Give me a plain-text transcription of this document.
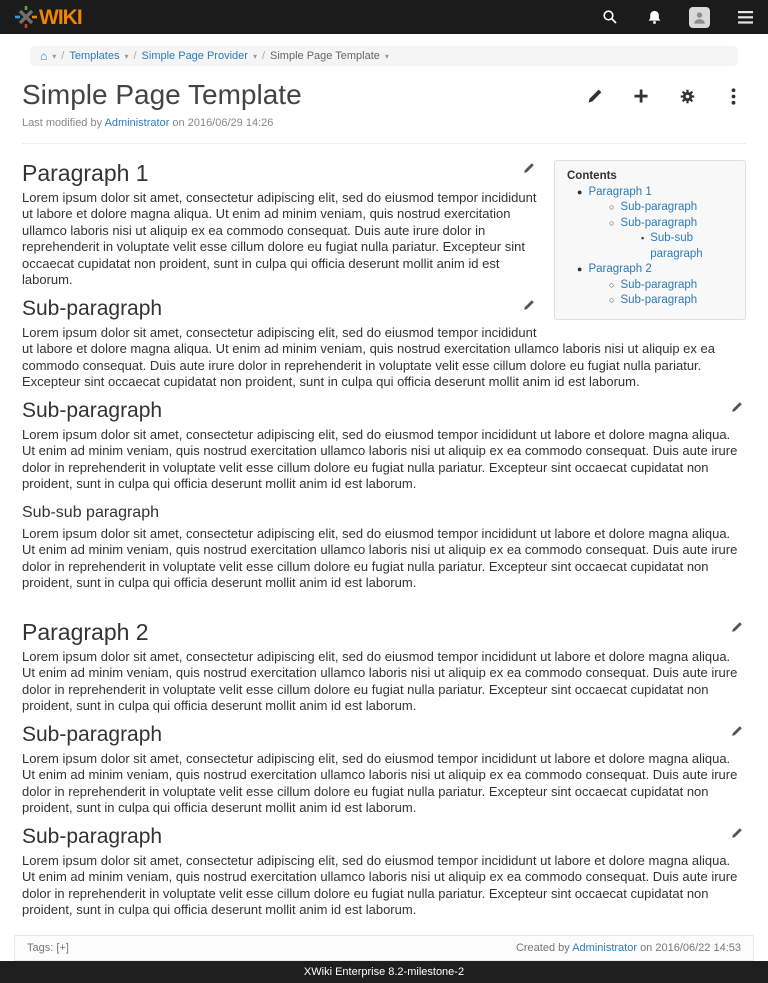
WIKI
⌂ ▾ / Templates ▾ / Simple Page Provider ▾ / Simple Page Template ▾
Simple Page Template
Last modified by Administrator on 2016/06/29 14:26
Contents
● Paragraph 1
○ Sub-paragraph
○ Sub-paragraph
▪ Sub-sub paragraph
● Paragraph 2
○ Sub-paragraph
○ Sub-paragraph
Paragraph 1

Lorem ipsum dolor sit amet, consectetur adipiscing elit, sed do eiusmod tempor incididunt ut labore et dolore magna aliqua. Ut enim ad minim veniam, quis nostrud exercitation ullamco laboris nisi ut aliquip ex ea commodo consequat. Duis aute irure dolor in reprehenderit in voluptate velit esse cillum dolore eu fugiat nulla pariatur. Excepteur sint occaecat cupidatat non proident, sunt in culpa qui officia deserunt mollit anim id est laborum.

Sub-paragraph

Lorem ipsum dolor sit amet, consectetur adipiscing elit, sed do eiusmod tempor incididunt ut labore et dolore magna aliqua. Ut enim ad minim veniam, quis nostrud exercitation ullamco laboris nisi ut aliquip ex ea commodo consequat. Duis aute irure dolor in reprehenderit in voluptate velit esse cillum dolore eu fugiat nulla pariatur. Excepteur sint occaecat cupidatat non proident, sunt in culpa qui officia deserunt mollit anim id est laborum.

Sub-paragraph

Lorem ipsum dolor sit amet, consectetur adipiscing elit, sed do eiusmod tempor incididunt ut labore et dolore magna aliqua. Ut enim ad minim veniam, quis nostrud exercitation ullamco laboris nisi ut aliquip ex ea commodo consequat. Duis aute irure dolor in reprehenderit in voluptate velit esse cillum dolore eu fugiat nulla pariatur. Excepteur sint occaecat cupidatat non proident, sunt in culpa qui officia deserunt mollit anim id est laborum.

Sub-sub paragraph

Lorem ipsum dolor sit amet, consectetur adipiscing elit, sed do eiusmod tempor incididunt ut labore et dolore magna aliqua. Ut enim ad minim veniam, quis nostrud exercitation ullamco laboris nisi ut aliquip ex ea commodo consequat. Duis aute irure dolor in reprehenderit in voluptate velit esse cillum dolore eu fugiat nulla pariatur. Excepteur sint occaecat cupidatat non proident, sunt in culpa qui officia deserunt mollit anim id est laborum.

Paragraph 2

Lorem ipsum dolor sit amet, consectetur adipiscing elit, sed do eiusmod tempor incididunt ut labore et dolore magna aliqua. Ut enim ad minim veniam, quis nostrud exercitation ullamco laboris nisi ut aliquip ex ea commodo consequat. Duis aute irure dolor in reprehenderit in voluptate velit esse cillum dolore eu fugiat nulla pariatur. Excepteur sint occaecat cupidatat non proident, sunt in culpa qui officia deserunt mollit anim id est laborum.

Sub-paragraph

Lorem ipsum dolor sit amet, consectetur adipiscing elit, sed do eiusmod tempor incididunt ut labore et dolore magna aliqua. Ut enim ad minim veniam, quis nostrud exercitation ullamco laboris nisi ut aliquip ex ea commodo consequat. Duis aute irure dolor in reprehenderit in voluptate velit esse cillum dolore eu fugiat nulla pariatur. Excepteur sint occaecat cupidatat non proident, sunt in culpa qui officia deserunt mollit anim id est laborum.

Sub-paragraph

Lorem ipsum dolor sit amet, consectetur adipiscing elit, sed do eiusmod tempor incididunt ut labore et dolore magna aliqua. Ut enim ad minim veniam, quis nostrud exercitation ullamco laboris nisi ut aliquip ex ea commodo consequat. Duis aute irure dolor in reprehenderit in voluptate velit esse cillum dolore eu fugiat nulla pariatur. Excepteur sint occaecat cupidatat non proident, sunt in culpa qui officia deserunt mollit anim id est laborum.

Tags:
[+]	Created by Administrator on 2016/06/22 14:53
XWiki Enterprise 8.2-milestone-2
